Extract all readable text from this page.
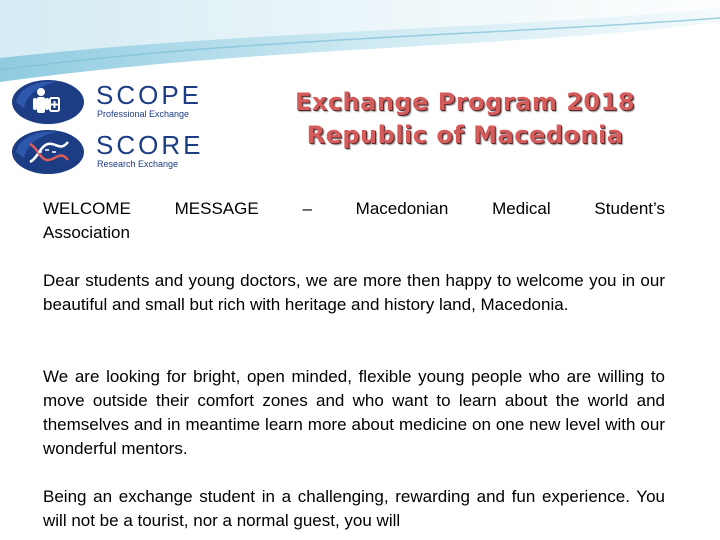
SCOPE
Professional Exchange
SCORE
Research Exchange
Exchange Program 2018
Republic of Macedonia

WELCOME MESSAGE – Macedonian Medical Student’s
Association

Dear students and young doctors, we are more then happy to welcome you in our beautiful and small but rich with heritage and history land, Macedonia.

We are looking for bright, open minded, flexible young people who are willing to move outside their comfort zones and who want to learn about the world and themselves and in meantime learn more about medicine on one new level with our wonderful mentors.

Being an exchange student in a challenging, rewarding and fun experience. You will not be a tourist, nor a normal guest, you will
